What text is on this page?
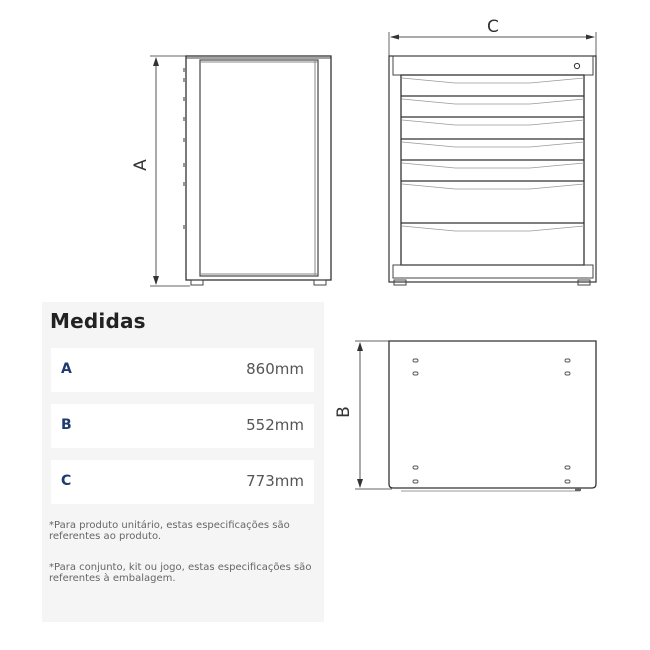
A
C
B
Medidas
A	860mm
B	552mm
C	773mm
*Para produto unitário, estas especificações são referentes ao produto.
*Para conjunto, kit ou jogo, estas especificações são referentes à embalagem.
